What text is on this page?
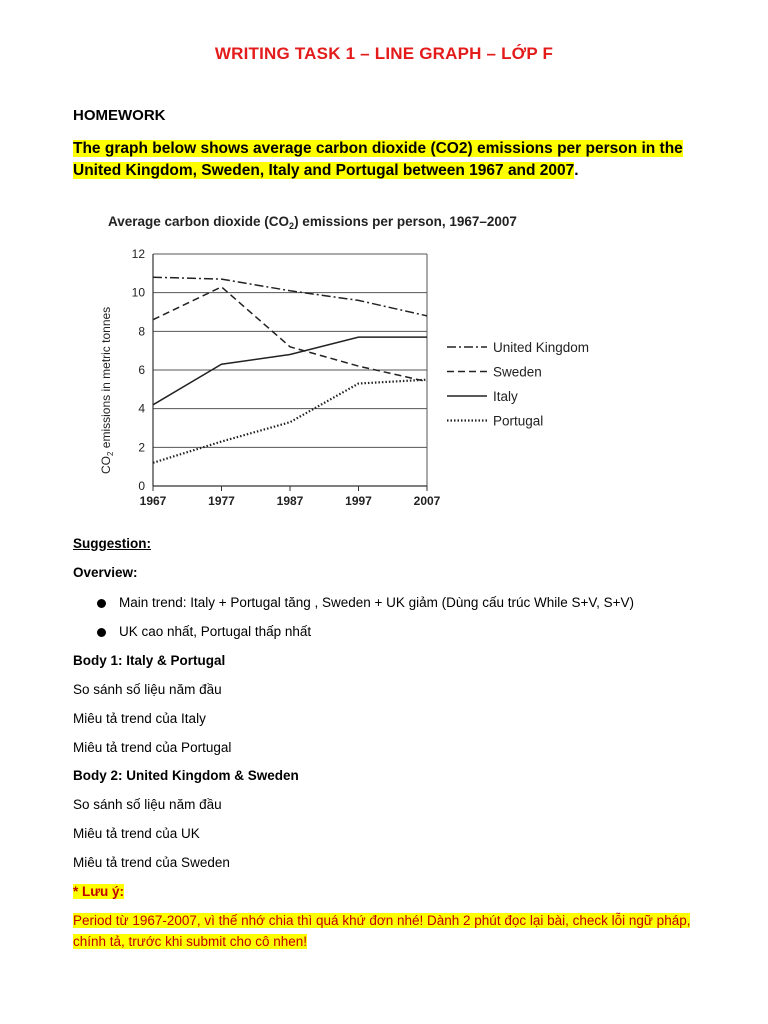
WRITING TASK 1 – LINE GRAPH – LỚP F
HOMEWORK
The graph below shows average carbon dioxide (CO2) emissions per person in the United Kingdom, Sweden, Italy and Portugal between 1967 and 2007.
Average carbon dioxide $(CO_2)$ emissions per person, 1967–2007
$CO_2$ emissions in metric tonnes
0
2
4
6
8
10
12
1967	1977	1987	1997	2007
United Kingdom
Sweden
Italy
Portugal
Suggestion:
Overview:
Main trend: Italy + Portugal tăng , Sweden + UK giảm (Dùng cấu trúc While S+V, S+V)
UK cao nhất, Portugal thấp nhất
Body 1: Italy & Portugal
So sánh số liệu năm đầu
Miêu tả trend của Italy
Miêu tả trend của Portugal
Body 2: United Kingdom & Sweden
So sánh số liệu năm đầu
Miêu tả trend của UK
Miêu tả trend của Sweden
* Lưu ý:
Period từ 1967-2007, vì thế nhớ chia thì quá khứ đơn nhé! Dành 2 phút đọc lại bài, check lỗi ngữ pháp, chính tả, trước khi submit cho cô nhen!
